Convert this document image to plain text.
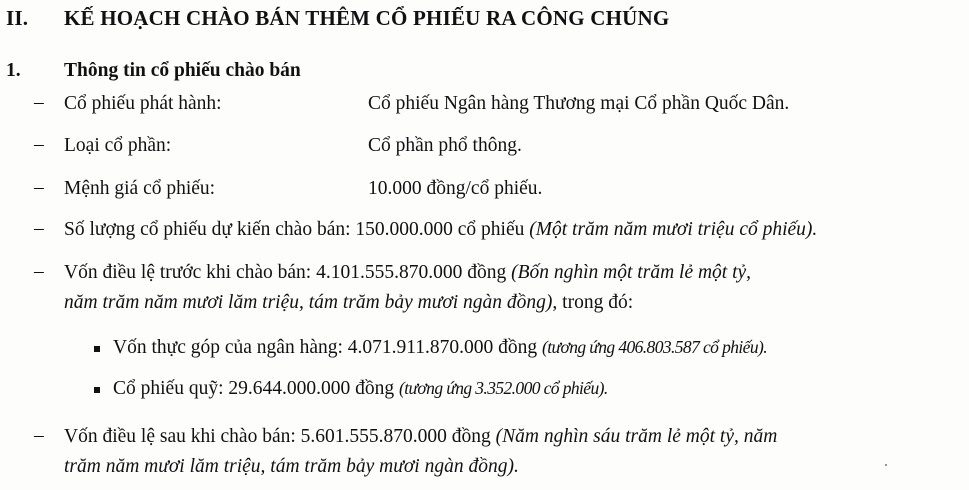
II. KẾ HOẠCH CHÀO BÁN THÊM CỔ PHIẾU RA CÔNG CHÚNG
1. Thông tin cổ phiếu chào bán
– Cổ phiếu phát hành:	Cổ phiếu Ngân hàng Thương mại Cổ phần Quốc Dân.
– Loại cổ phần:	Cổ phần phổ thông.
– Mệnh giá cổ phiếu:	10.000 đồng/cổ phiếu.
– Số lượng cổ phiếu dự kiến chào bán: 150.000.000 cổ phiếu (Một trăm năm mươi triệu cổ phiếu).
– Vốn điều lệ trước khi chào bán: 4.101.555.870.000 đồng (Bốn nghìn một trăm lẻ một tỷ,
năm trăm năm mươi lăm triệu, tám trăm bảy mươi ngàn đồng), trong đó:
Vốn thực góp của ngân hàng: 4.071.911.870.000 đồng (tương ứng 406.803.587 cổ phiếu).
Cổ phiếu quỹ: 29.644.000.000 đồng (tương ứng 3.352.000 cổ phiếu).
– Vốn điều lệ sau khi chào bán: 5.601.555.870.000 đồng (Năm nghìn sáu trăm lẻ một tỷ, năm
trăm năm mươi lăm triệu, tám trăm bảy mươi ngàn đồng).
